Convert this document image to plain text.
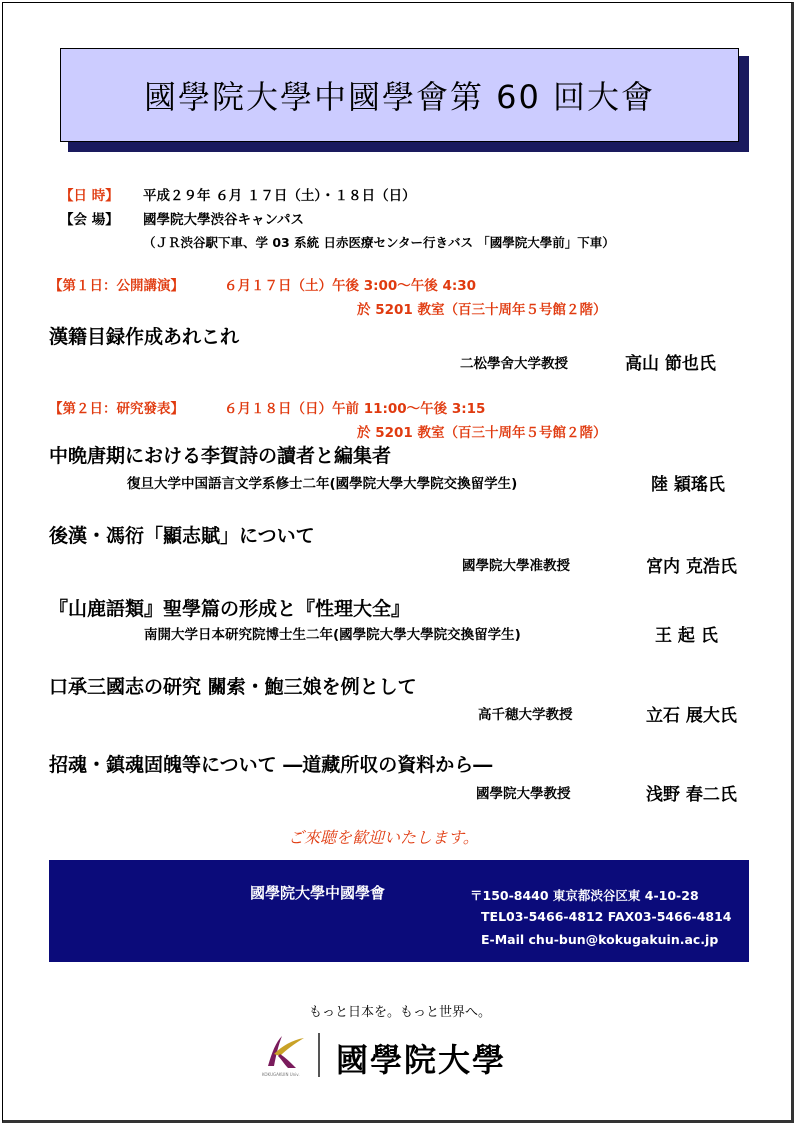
國學院大學中國學會第 60 回大會
【日 時】 平成２９年 ６月 １７日（土）・１８日（日）
【会 場】 國學院大學渋谷キャンパス
（ＪＲ渋谷駅下車、学 03 系統 日赤医療センター行きバス 「國學院大學前」下車）
【第１日：公開講演】	６月１７日（土）午後 3:00～午後 4:30
於 5201 教室（百三十周年５号館２階）
漢籍目録作成あれこれ
二松學舍大学教授	高山 節也氏
【第２日：研究發表】	６月１８日（日）午前 11:00～午後 3:15
於 5201 教室（百三十周年５号館２階）
中晩唐期における李賀詩の讀者と編集者
復旦大学中国語言文学系修士二年(國學院大學大學院交換留学生)	陸 穎瑤氏
後漢・馮衍「顯志賦」について
國學院大學准教授	宮内 克浩氏
『山鹿語類』聖學篇の形成と『性理大全』
南開大学日本研究院博士生二年(國學院大學大學院交換留学生)	王 起 氏
口承三國志の研究 關索・鮑三娘を例として
高千穂大学教授	立石 展大氏
招魂・鎮魂固魄等について ―道藏所収の資料から―
國學院大學教授	浅野 春二氏
ご來聴を歓迎いたします。
國學院大學中國學會	〒150-8440 東京都渋谷区東 4-10-28
TEL03-5466-4812 FAX03-5466-4814
E-Mail chu-bun@kokugakuin.ac.jp
もっと日本を。もっと世界へ。
KOKUGAKUIN Univ. 國學院大學
